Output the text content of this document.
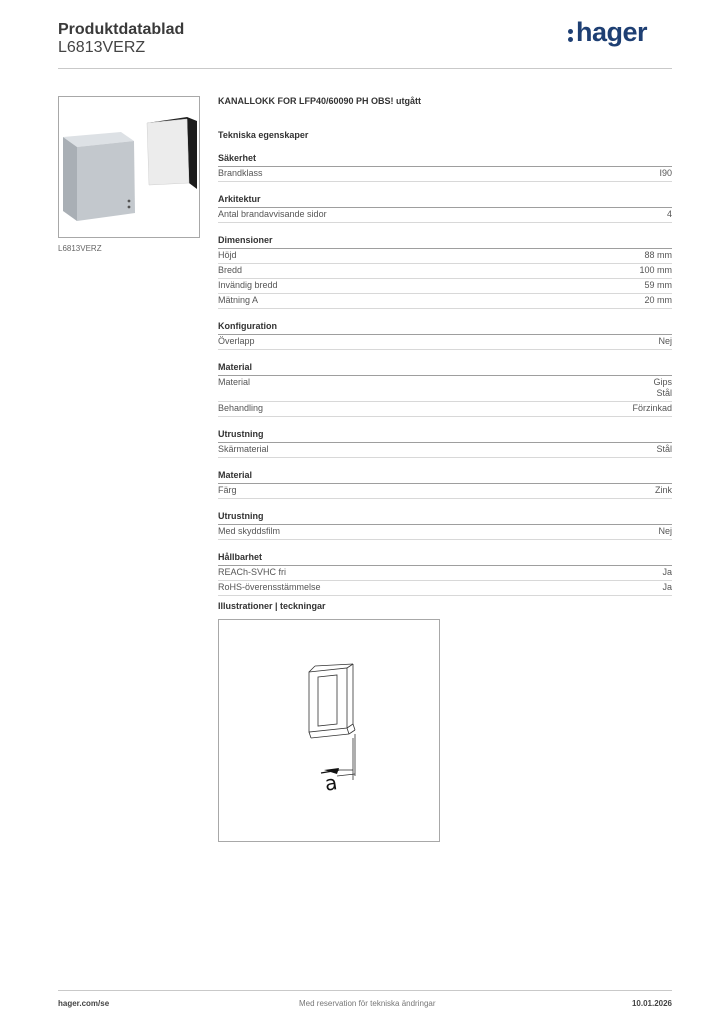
Produktdatablad
L6813VERZ
hager
L6813VERZ
KANALLOKK FOR LFP40/60090 PH OBS! utgått
Tekniska egenskaper
Säkerhet
Brandklass	I90
Arkitektur
Antal brandavvisande sidor	4
Dimensioner
Höjd	88 mm
Bredd	100 mm
Invändig bredd	59 mm
Mätning A	20 mm
Konfiguration
Överlapp	Nej
Material
Material	Gips
Stål
Behandling	Förzinkad
Utrustning
Skärmaterial	Stål
Material
Färg	Zink
Utrustning
Med skyddsfilm	Nej
Hållbarhet
REACh-SVHC fri	Ja
RoHS-överensstämmelse	Ja
Illustrationer | teckningar
a
hager.com/se	Med reservation för tekniska ändringar	10.01.2026
